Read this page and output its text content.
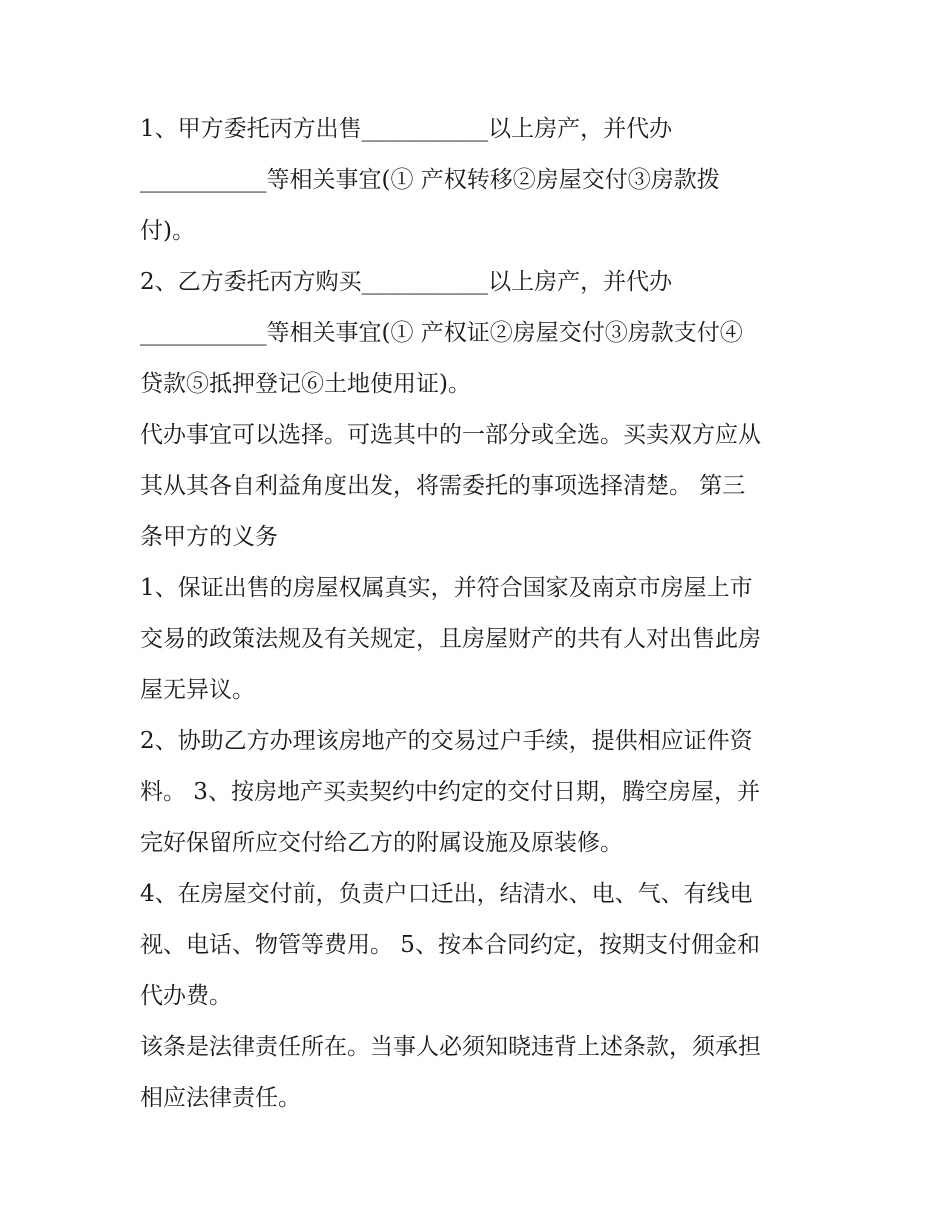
1、甲方委托丙方出售___________以上房产，并代办
___________等相关事宜(① 产权转移②房屋交付③房款拨
付)。
2、乙方委托丙方购买___________以上房产，并代办
___________等相关事宜(① 产权证②房屋交付③房款支付④
贷款⑤抵押登记⑥土地使用证)。
代办事宜可以选择。可选其中的一部分或全选。买卖双方应从
其从其各自利益角度出发，将需委托的事项选择清楚。 第三
条甲方的义务
1、保证出售的房屋权属真实，并符合国家及南京市房屋上市
交易的政策法规及有关规定，且房屋财产的共有人对出售此房
屋无异议。
2、协助乙方办理该房地产的交易过户手续，提供相应证件资
料。 3、按房地产买卖契约中约定的交付日期，腾空房屋，并
完好保留所应交付给乙方的附属设施及原装修。
4、在房屋交付前，负责户口迁出，结清水、电、气、有线电
视、电话、物管等费用。 5、按本合同约定，按期支付佣金和
代办费。
该条是法律责任所在。当事人必须知晓违背上述条款，须承担
相应法律责任。
